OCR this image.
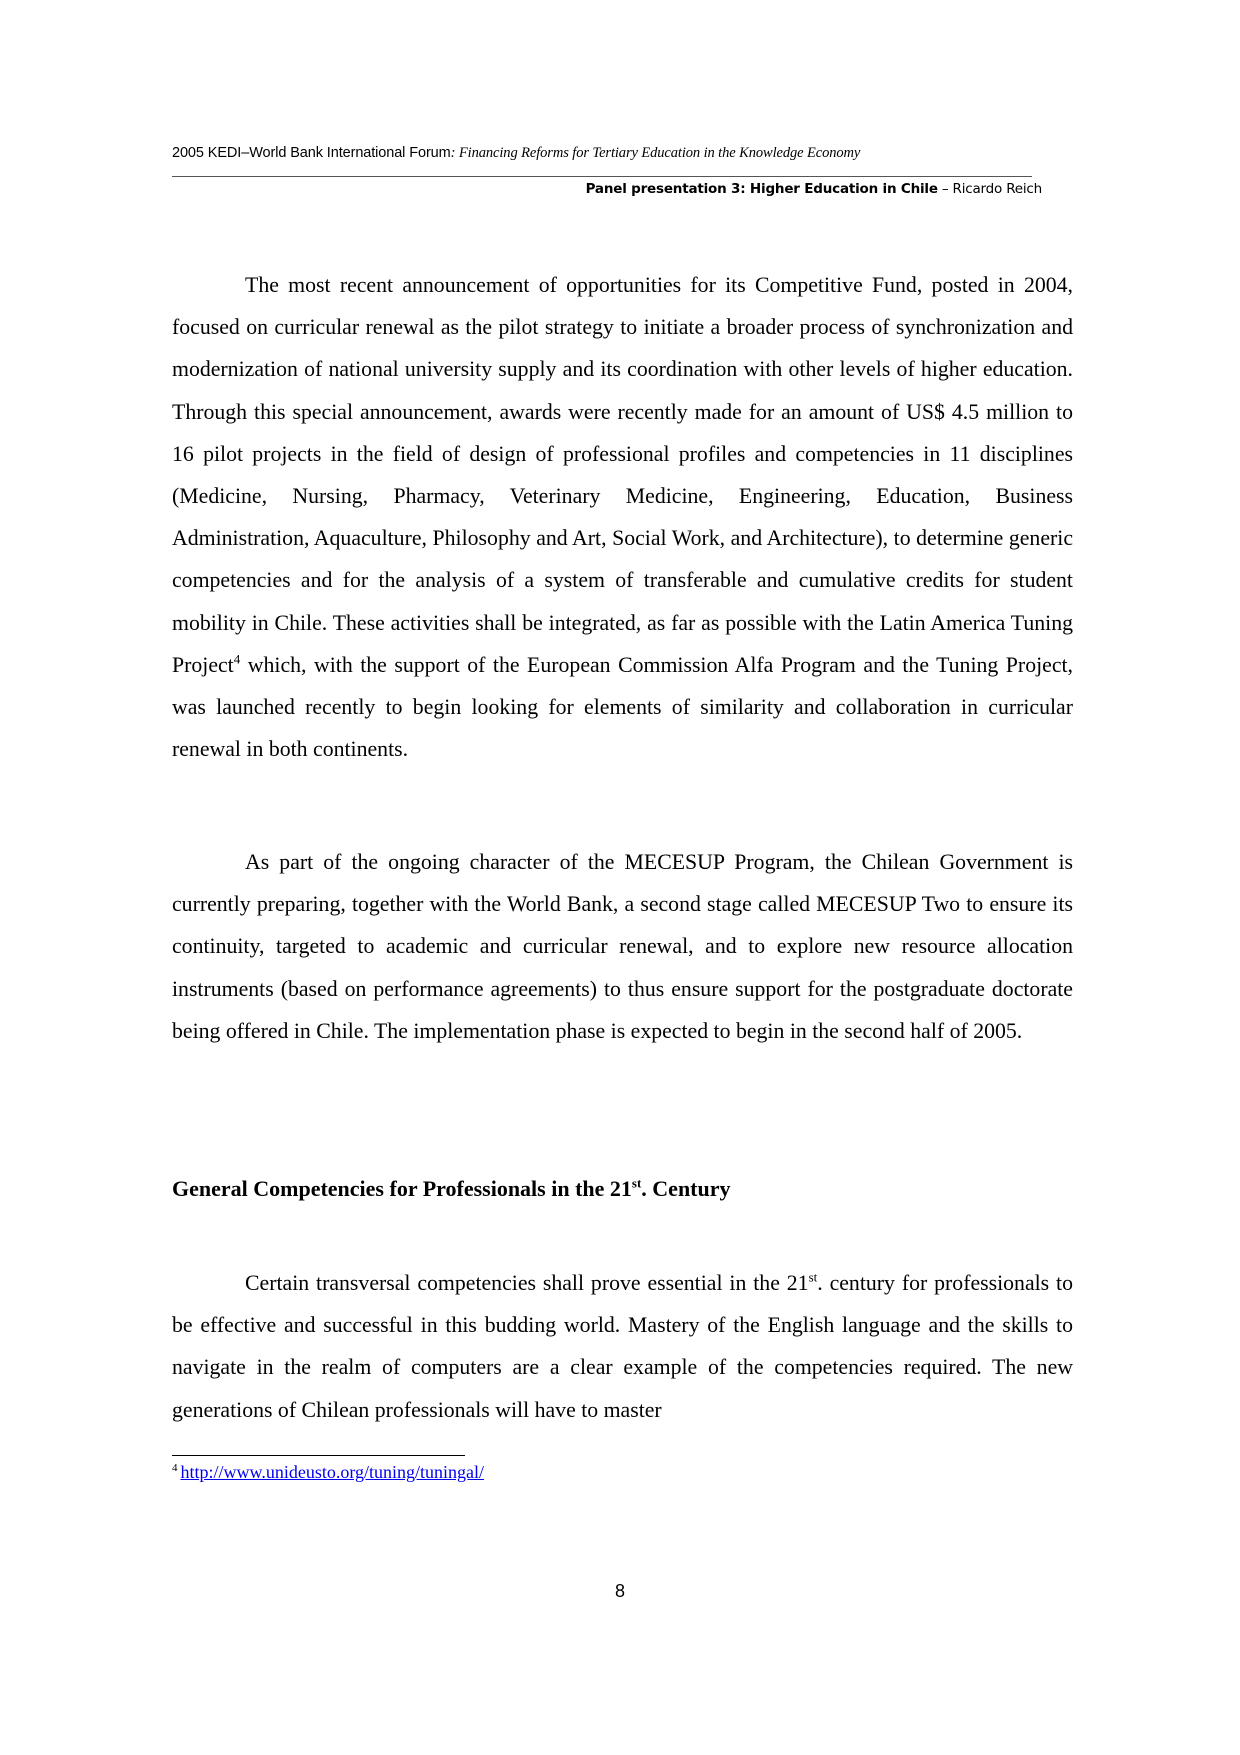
2005 KEDI–World Bank International Forum: Financing Reforms for Tertiary Education in the Knowledge Economy
Panel presentation 3: Higher Education in Chile – Ricardo Reich

The most recent announcement of opportunities for its Competitive Fund, posted in 2004, focused on curricular renewal as the pilot strategy to initiate a broader process of synchronization and modernization of national university supply and its coordination with other levels of higher education. Through this special announcement, awards were recently made for an amount of US$ 4.5 million to 16 pilot projects in the field of design of professional profiles and competencies in 11 disciplines (Medicine, Nursing, Pharmacy, Veterinary Medicine, Engineering, Education, Business Administration, Aquaculture, Philosophy and Art, Social Work, and Architecture), to determine generic competencies and for the analysis of a system of transferable and cumulative credits for student mobility in Chile. These activities shall be integrated, as far as possible with the Latin America Tuning Project$^4$ which, with the support of the European Commission Alfa Program and the Tuning Project, was launched recently to begin looking for elements of similarity and collaboration in curricular renewal in both continents.

As part of the ongoing character of the MECESUP Program, the Chilean Government is currently preparing, together with the World Bank, a second stage called MECESUP Two to ensure its continuity, targeted to academic and curricular renewal, and to explore new resource allocation instruments (based on performance agreements) to thus ensure support for the postgraduate doctorate being offered in Chile. The implementation phase is expected to begin in the second half of 2005.

General Competencies for Professionals in the 21st. Century

Certain transversal competencies shall prove essential in the 21st. century for professionals to be effective and successful in this budding world. Mastery of the English language and the skills to navigate in the realm of computers are a clear example of the competencies required. The new generations of Chilean professionals will have to master

$^4$ http://www.unideusto.org/tuning/tuningal/
8
